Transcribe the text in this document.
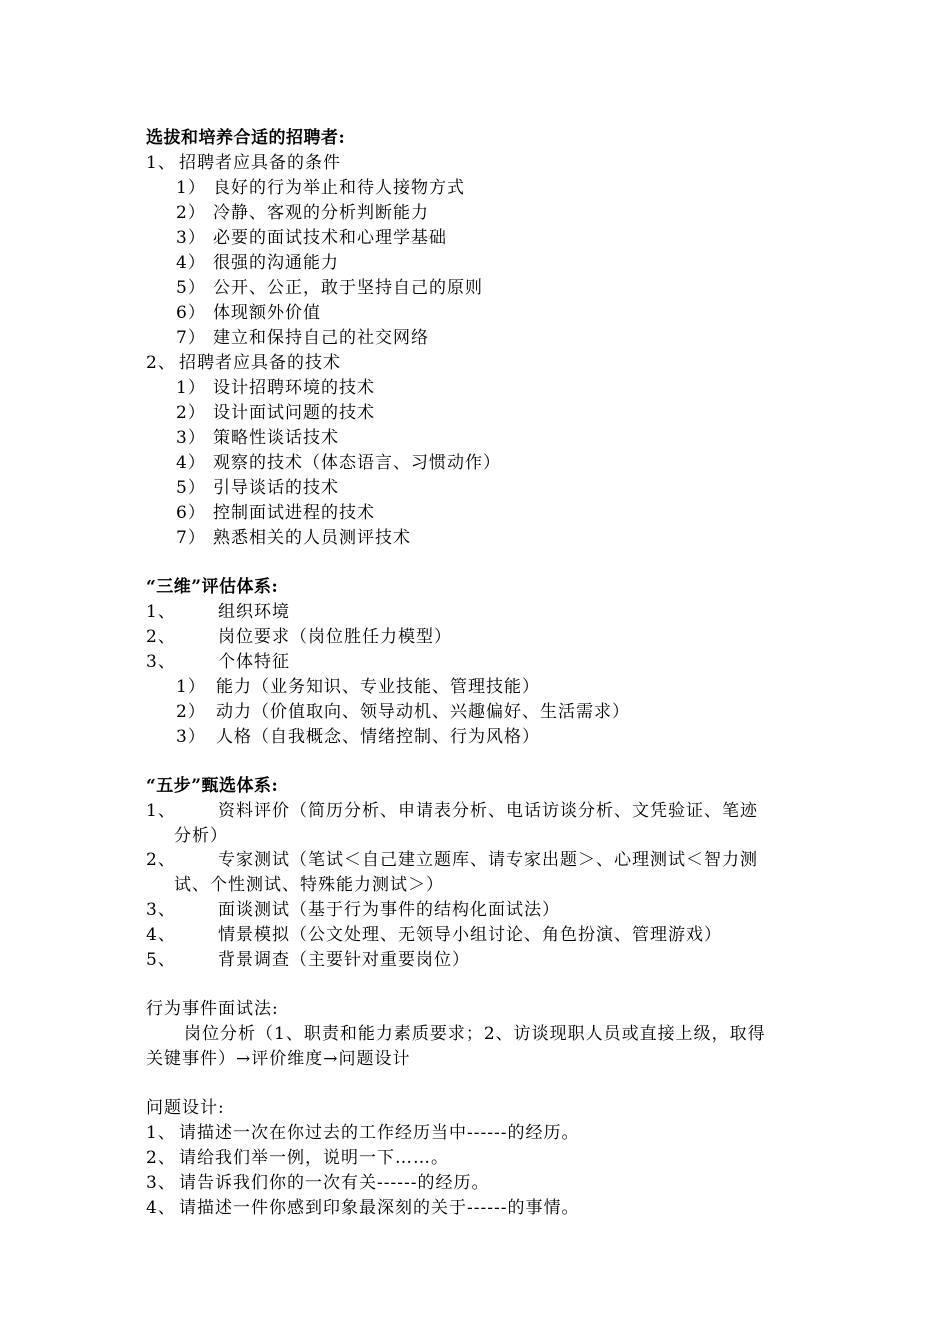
选拔和培养合适的招聘者:
1、 招聘者应具备的条件
1） 良好的行为举止和待人接物方式
2） 冷静、客观的分析判断能力
3） 必要的面试技术和心理学基础
4） 很强的沟通能力
5） 公开、公正，敢于坚持自己的原则
6） 体现额外价值
7） 建立和保持自己的社交网络
2、 招聘者应具备的技术
1） 设计招聘环境的技术
2） 设计面试问题的技术
3） 策略性谈话技术
4） 观察的技术（体态语言、习惯动作）
5） 引导谈话的技术
6） 控制面试进程的技术
7） 熟悉相关的人员测评技术
“三维”评估体系:
1、 组织环境
2、 岗位要求（岗位胜任力模型）
3、 个体特征
1） 能力（业务知识、专业技能、管理技能）
2） 动力（价值取向、领导动机、兴趣偏好、生活需求）
3） 人格（自我概念、情绪控制、行为风格）
“五步”甄选体系:
1、 资料评价（简历分析、申请表分析、电话访谈分析、文凭验证、笔迹
分析）
2、 专家测试（笔试＜自己建立题库、请专家出题＞、心理测试＜智力测
试、个性测试、特殊能力测试＞）
3、 面谈测试（基于行为事件的结构化面试法）
4、 情景模拟（公文处理、无领导小组讨论、角色扮演、管理游戏）
5、 背景调查（主要针对重要岗位）
行为事件面试法:
岗位分析（1、职责和能力素质要求；2、访谈现职人员或直接上级，取得
关键事件）→评价维度→问题设计
问题设计:
1、 请描述一次在你过去的工作经历当中------的经历。
2、 请给我们举一例，说明一下……。
3、 请告诉我们你的一次有关------的经历。
4、 请描述一件你感到印象最深刻的关于------的事情。
